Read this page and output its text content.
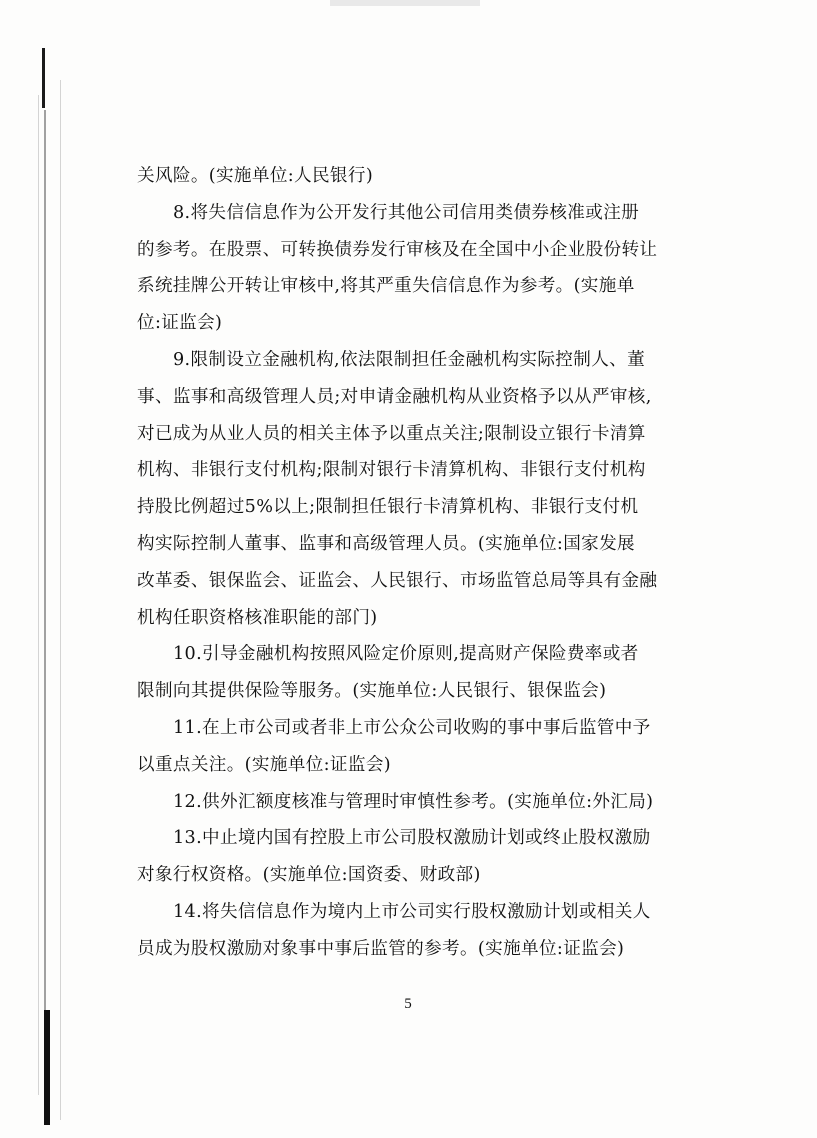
关风险。(实施单位:人民银行)
8.将失信信息作为公开发行其他公司信用类债券核准或注册
的参考。在股票、可转换债券发行审核及在全国中小企业股份转让
系统挂牌公开转让审核中,将其严重失信信息作为参考。(实施单
位:证监会)
9.限制设立金融机构,依法限制担任金融机构实际控制人、董
事、监事和高级管理人员;对申请金融机构从业资格予以从严审核,
对已成为从业人员的相关主体予以重点关注;限制设立银行卡清算
机构、非银行支付机构;限制对银行卡清算机构、非银行支付机构
持股比例超过5%以上;限制担任银行卡清算机构、非银行支付机
构实际控制人董事、监事和高级管理人员。(实施单位:国家发展
改革委、银保监会、证监会、人民银行、市场监管总局等具有金融
机构任职资格核准职能的部门)
10.引导金融机构按照风险定价原则,提高财产保险费率或者
限制向其提供保险等服务。(实施单位:人民银行、银保监会)
11.在上市公司或者非上市公众公司收购的事中事后监管中予
以重点关注。(实施单位:证监会)
12.供外汇额度核准与管理时审慎性参考。(实施单位:外汇局)
13.中止境内国有控股上市公司股权激励计划或终止股权激励
对象行权资格。(实施单位:国资委、财政部)
14.将失信信息作为境内上市公司实行股权激励计划或相关人
员成为股权激励对象事中事后监管的参考。(实施单位:证监会)
5
